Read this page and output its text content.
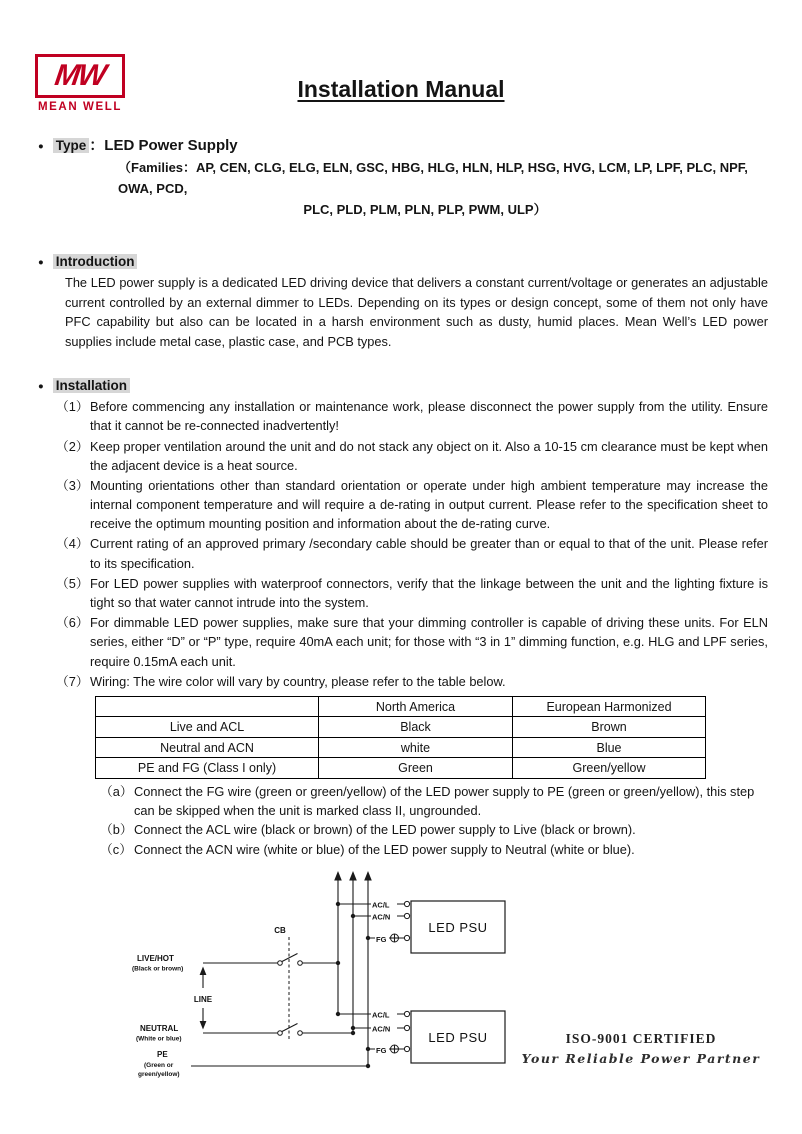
MW
MEAN WELL
Installation Manual
● Type ：LED Power Supply
（Families：AP, CEN, CLG, ELG, ELN, GSC, HBG, HLG, HLN, HLP, HSG, HVG, LCM, LP, LPF, PLC, NPF, OWA, PCD,
PLC, PLD, PLM, PLN, PLP, PWM, ULP）
● Introduction

The LED power supply is a dedicated LED driving device that delivers a constant current/voltage or generates an adjustable current controlled by an external dimmer to LEDs. Depending on its types or design concept, some of them not only have PFC capability but also can be located in a harsh environment such as dusty, humid places. Mean Well’s LED power supplies include metal case, plastic case, and PCB types.

● Installation
（1） Before commencing any installation or maintenance work, please disconnect the power supply from the utility. Ensure that it cannot be re-connected inadvertently!
（2） Keep proper ventilation around the unit and do not stack any object on it. Also a 10-15 cm clearance must be kept when the adjacent device is a heat source.
（3） Mounting orientations other than standard orientation or operate under high ambient temperature may increase the internal component temperature and will require a de-rating in output current. Please refer to the specification sheet to receive the optimum mounting position and information about the de-rating curve.
（4） Current rating of an approved primary /secondary cable should be greater than or equal to that of the unit. Please refer to its specification.
（5） For LED power supplies with waterproof connectors, verify that the linkage between the unit and the lighting fixture is tight so that water cannot intrude into the system.
（6） For dimmable LED power supplies, make sure that your dimming controller is capable of driving these units. For ELN series, either “D” or “P” type, require 40mA each unit; for those with “3 in 1” dimming function, e.g. HLG and LPF series, require 0.15mA each unit.
（7） Wiring: The wire color will vary by country, please refer to the table below.
	North America	European Harmonized
Live and ACL	Black	Brown
Neutral and ACN	white	Blue
PE and FG (Class I only)	Green	Green/yellow
（a） Connect the FG wire (green or green/yellow) of the LED power supply to PE (green or green/yellow), this step can be skipped when the unit is marked class II, ungrounded.
（b） Connect the ACL wire (black or brown) of the LED power supply to Live (black or brown).
（c） Connect the ACN wire (white or blue) of the LED power supply to Neutral (white or blue).
CB	LED PSU
LED PSU
AC/L
AC/N
FG
AC/L
AC/N
FG
LINE
LIVE/HOT
(Black or brown)
NEUTRAL
(White or blue)
PE
(Green or
green/yellow)
ISO-9001 CERTIFIED
Your Reliable Power Partner
